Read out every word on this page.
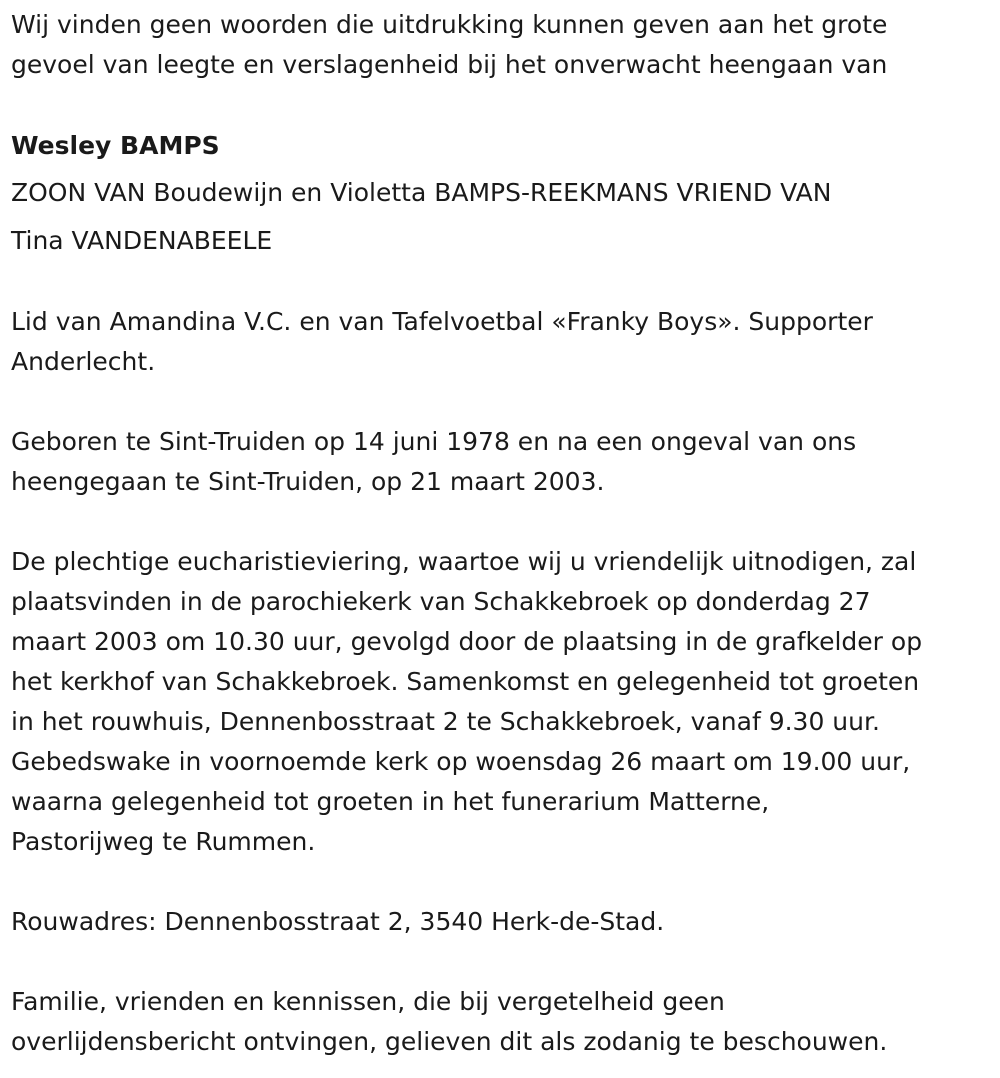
Wij vinden geen woorden die uitdrukking kunnen geven aan het grote
gevoel van leegte en verslagenheid bij het onverwacht heengaan van
Wesley BAMPS
ZOON VAN Boudewijn en Violetta BAMPS-REEKMANS VRIEND VAN
Tina VANDENABEELE
Lid van Amandina V.C. en van Tafelvoetbal «Franky Boys». Supporter
Anderlecht.
Geboren te Sint-Truiden op 14 juni 1978 en na een ongeval van ons
heengegaan te Sint-Truiden, op 21 maart 2003.
De plechtige eucharistieviering, waartoe wij u vriendelijk uitnodigen, zal
plaatsvinden in de parochiekerk van Schakkebroek op donderdag 27
maart 2003 om 10.30 uur, gevolgd door de plaatsing in de grafkelder op
het kerkhof van Schakkebroek. Samenkomst en gelegenheid tot groeten
in het rouwhuis, Dennenbosstraat 2 te Schakkebroek, vanaf 9.30 uur.
Gebedswake in voornoemde kerk op woensdag 26 maart om 19.00 uur,
waarna gelegenheid tot groeten in het funerarium Matterne,
Pastorijweg te Rummen.
Rouwadres: Dennenbosstraat 2, 3540 Herk-de-Stad.
Familie, vrienden en kennissen, die bij vergetelheid geen
overlijdensbericht ontvingen, gelieven dit als zodanig te beschouwen.
